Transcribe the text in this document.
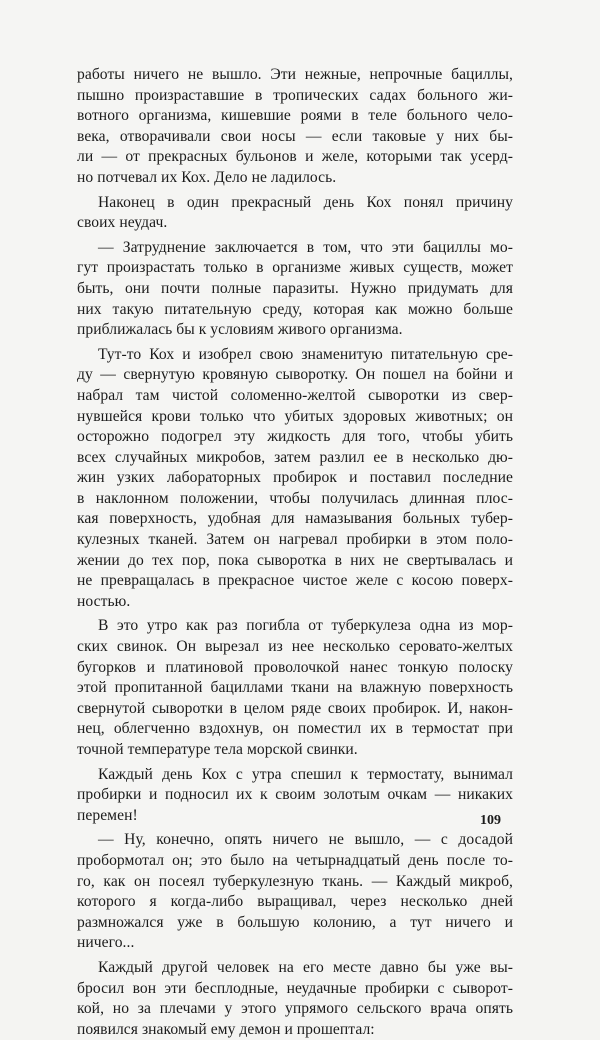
работы ничего не вышло. Эти нежные, непрочные бациллы,
пышно произраставшие в тропических садах больного жи-
вотного организма, кишевшие роями в теле больного чело-
века, отворачивали свои носы — если таковые у них бы-
ли — от прекрасных бульонов и желе, которыми так усерд-
но потчевал их Кох. Дело не ладилось.
Наконец в один прекрасный день Кох понял причину
своих неудач.
— Затруднение заключается в том, что эти бациллы мо-
гут произрастать только в организме живых существ, может
быть, они почти полные паразиты. Нужно придумать для
них такую питательную среду, которая как можно больше
приближалась бы к условиям живого организма.
Тут-то Кох и изобрел свою знаменитую питательную сре-
ду — свернутую кровяную сыворотку. Он пошел на бойни и
набрал там чистой соломенно-желтой сыворотки из свер-
нувшейся крови только что убитых здоровых животных; он
осторожно подогрел эту жидкость для того, чтобы убить
всех случайных микробов, затем разлил ее в несколько дю-
жин узких лабораторных пробирок и поставил последние
в наклонном положении, чтобы получилась длинная плос-
кая поверхность, удобная для намазывания больных тубер-
кулезных тканей. Затем он нагревал пробирки в этом поло-
жении до тех пор, пока сыворотка в них не свертывалась и
не превращалась в прекрасное чистое желе с косою поверх-
ностью.
В это утро как раз погибла от туберкулеза одна из мор-
ских свинок. Он вырезал из нее несколько серовато-желтых
бугорков и платиновой проволочкой нанес тонкую полоску
этой пропитанной бациллами ткани на влажную поверхность
свернутой сыворотки в целом ряде своих пробирок. И, након-
нец, облегченно вздохнув, он поместил их в термостат при
точной температуре тела морской свинки.
Каждый день Кох с утра спешил к термостату, вынимал
пробирки и подносил их к своим золотым очкам — никаких
перемен!
— Ну, конечно, опять ничего не вышло, — с досадой
пробормотал он; это было на четырнадцатый день после то-
го, как он посеял туберкулезную ткань. — Каждый микроб,
которого я когда-либо выращивал, через несколько дней
размножался уже в большую колонию, а тут ничего и
ничего...
Каждый другой человек на его месте давно бы уже вы-
бросил вон эти бесплодные, неудачные пробирки с сыворот-
кой, но за плечами у этого упрямого сельского врача опять
появился знакомый ему демон и прошептал:
109
